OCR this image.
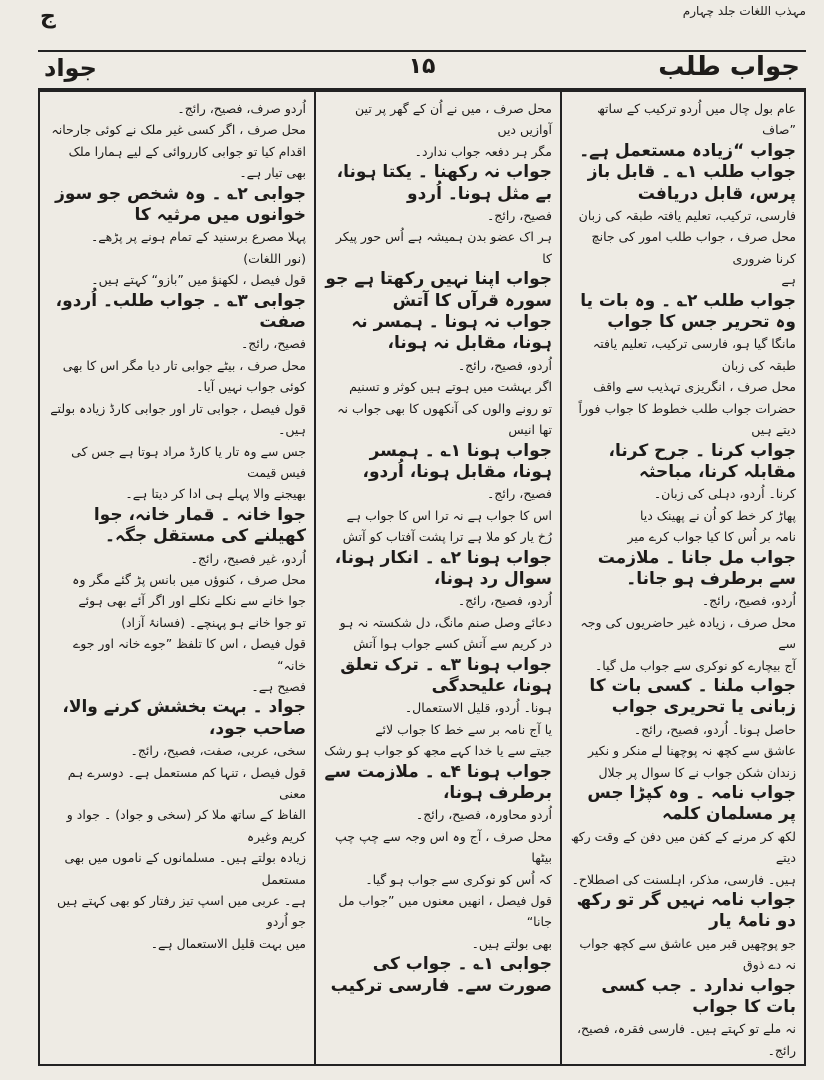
مہذب اللغات جلد چہارم
ج
جواد	۱۵	جواب طلب

عام بول چال میں اُردو ترکیب کے ساتھ ”صاف

جواب “زیادہ مستعمل ہے۔

جواب طلب ۱؎ ۔ قابل باز پرس، قابل دریافت

فارسی، ترکیب، تعلیم یافتہ طبقہ کی زبان

محل صرف ، جواب طلب امور کی جانچ کرنا ضروری

ہے

جواب طلب ۲؎ ۔ وہ بات یا وہ تحریر جس کا جواب

مانگا گیا ہو، فارسی ترکیب، تعلیم یافتہ طبقہ کی زبان

محل صرف ، انگریزی تہذیب سے واقف

حضرات جواب طلب خطوط کا جواب فوراً دیتے ہیں

جواب کرنا ۔ جرح کرنا، مقابلہ کرنا، مباحثہ

کرنا۔ اُردو، دہلی کی زبان۔

پھاڑ کر خط کو اُن نے پھینک دیا

نامہ بر اُس کا کیا جواب کرے میر

جواب مل جانا ۔ ملازمت سے برطرف ہو جانا۔

اُردو، فصیح، رائج۔

محل صرف ، زیادہ غیر حاضریوں کی وجہ سے

آج بیچارے کو نوکری سے جواب مل گیا۔

جواب ملنا ۔ کسی بات کا زبانی یا تحریری جواب

حاصل ہونا۔ اُردو، فصیح، رائج۔

عاشق سے کچھ نہ پوچھنا لے منکر و نکیر

زندان شکن جواب نے کا سوال پر جلال

جواب نامہ ۔ وہ کپڑا جس پر مسلمان کلمہ

لکھ کر مرنے کے کفن میں دفن کے وقت رکھ دیتے

ہیں۔ فارسی، مذکر، اہلسنت کی اصطلاح۔

جواب نامہ نہیں گر تو رکھ دو نامۂ یار

جو پوچھیں قبر میں عاشق سے کچھ جواب نہ دے ذوق

جواب ندارد ۔ جب کسی بات کا جواب

نہ ملے تو کہتے ہیں۔ فارسی فقرہ، فصیح، رائج۔

محل صرف ، میں نے اُن کے گھر پر تین آوازیں دیں

مگر ہر دفعہ جواب ندارد۔

جواب نہ رکھنا ۔ یکتا ہونا، بے مثل ہونا۔ اُردو

فصیح، رائج۔

ہر اک عضو بدن ہمیشہ ہے اُس حور پیکر کا

جواب اپنا نہیں رکھتا ہے جو سورہ قرآں کا آتش

جواب نہ ہونا ۔ ہمسر نہ ہونا، مقابل نہ ہونا،

اُردو، فصیح، رائج۔

اگر بہشت میں ہوتے ہیں کوثر و تسنیم

تو رونے والوں کی آنکھوں کا بھی جواب نہ تھا انیس

جواب ہونا ۱؎ ۔ ہمسر ہونا، مقابل ہونا، اُردو،

فصیح، رائج۔

اس کا جواب ہے نہ ترا اس کا جواب ہے

رُخ یار کو ملا ہے ترا پشت آفتاب کو آتش

جواب ہونا ۲؎ ۔ انکار ہونا، سوال رد ہونا،

اُردو، فصیح، رائج۔

دعائے وصل صنم مانگ، دل شکستہ نہ ہو

در کریم سے آتش کسے جواب ہوا آتش

جواب ہونا ۳؎ ۔ ترک تعلق ہونا، علیحدگی

ہونا۔ اُردو، قلیل الاستعمال۔

یا آج نامہ بر سے خط کا جواب لائے

جیتے سے یا خدا کہے مجھ کو جواب ہو رشک

جواب ہونا ۴؎ ۔ ملازمت سے برطرف ہونا،

اُردو محاورہ، فصیح، رائج۔

محل صرف ، آج وہ اس وجہ سے چپ چپ بیٹھا

کہ اُس کو نوکری سے جواب ہو گیا۔

قول فیصل ، انھیں معنوں میں ”جواب مل جانا“

بھی بولتے ہیں۔

جوابی ۱؎ ۔ جواب کی صورت سے۔ فارسی ترکیب

اُردو صرف، فصیح، رائج۔

محل صرف ، اگر کسی غیر ملک نے کوئی جارحانہ

اقدام کیا تو جوابی کارروائی کے لیے ہمارا ملک

بھی تیار ہے۔

جوابی ۲؎ ۔ وہ شخص جو سوز خوانوں میں مرثیہ کا

پہلا مصرع برسنید کے تمام ہونے پر پڑھے۔

(نور اللغات)

قول فیصل ، لکھنؤ میں ”بازو“ کہتے ہیں۔

جوابی ۳؎ ۔ جواب طلب۔ اُردو، صفت

فصیح، رائج۔

محل صرف ، بیٹے جوابی تار دیا مگر اس کا بھی

کوئی جواب نہیں آیا۔

قول فیصل ، جوابی تار اور جوابی کارڈ زیادہ بولتے ہیں۔

جس سے وہ تار یا کارڈ مراد ہوتا ہے جس کی فیس قیمت

بھیجنے والا پہلے ہی ادا کر دیتا ہے۔

جوا خانہ ۔ قمار خانہ، جوا کھیلنے کی مستقل جگہ۔

اُردو، غیر فصیح، رائج۔

محل صرف ، کنوؤں میں بانس پڑ گئے مگر وہ

جوا خانے سے نکلے نکلے اور اگر آئے بھی ہوئے

تو جوا خانے ہو پہنچے۔ (فسانۂ آزاد)

قول فیصل ، اس کا تلفظ ”جوے خانہ اور جوے خانہ“

فصیح ہے۔

جواد ۔ بہت بخشش کرنے والا، صاحب جود،

سخی، عربی، صفت، فصیح، رائج۔

قول فیصل ، تنہا کم مستعمل ہے۔ دوسرے ہم معنی

الفاظ کے ساتھ ملا کر (سخی و جواد) ۔ جواد و کریم وغیرہ

زیادہ بولتے ہیں۔ مسلمانوں کے ناموں میں بھی مستعمل

ہے۔ عربی میں اسپ تیز رفتار کو بھی کہتے ہیں جو اُردو

میں بہت قلیل الاستعمال ہے۔
